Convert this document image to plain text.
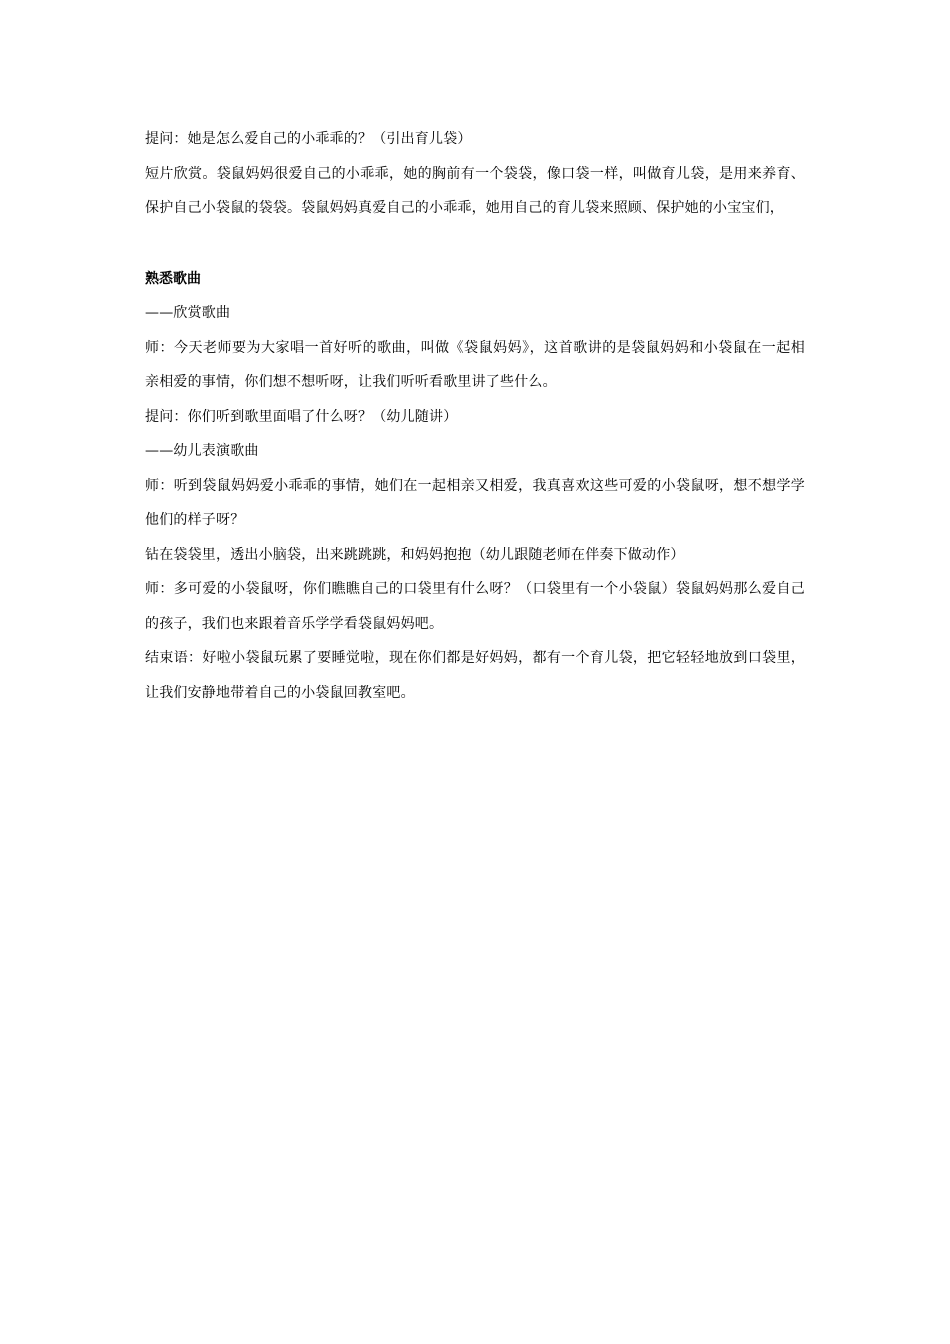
提问：她是怎么爱自己的小乖乖的？（引出育儿袋）

短片欣赏。袋鼠妈妈很爱自己的小乖乖，她的胸前有一个袋袋，像口袋一样，叫做育儿袋，是用来养育、保护自己小袋鼠的袋袋。袋鼠妈妈真爱自己的小乖乖，她用自己的育儿袋来照顾、保护她的小宝宝们，

熟悉歌曲

——欣赏歌曲

师：今天老师要为大家唱一首好听的歌曲，叫做《袋鼠妈妈》，这首歌讲的是袋鼠妈妈和小袋鼠在一起相亲相爱的事情，你们想不想听呀，让我们听听看歌里讲了些什么。

提问：你们听到歌里面唱了什么呀？（幼儿随讲）

——幼儿表演歌曲

师：听到袋鼠妈妈爱小乖乖的事情，她们在一起相亲又相爱，我真喜欢这些可爱的小袋鼠呀，想不想学学他们的样子呀？

钻在袋袋里，透出小脑袋，出来跳跳跳，和妈妈抱抱（幼儿跟随老师在伴奏下做动作）

师：多可爱的小袋鼠呀，你们瞧瞧自己的口袋里有什么呀？（口袋里有一个小袋鼠）袋鼠妈妈那么爱自己的孩子，我们也来跟着音乐学学看袋鼠妈妈吧。

结束语：好啦小袋鼠玩累了要睡觉啦，现在你们都是好妈妈，都有一个育儿袋，把它轻轻地放到口袋里，让我们安静地带着自己的小袋鼠回教室吧。
